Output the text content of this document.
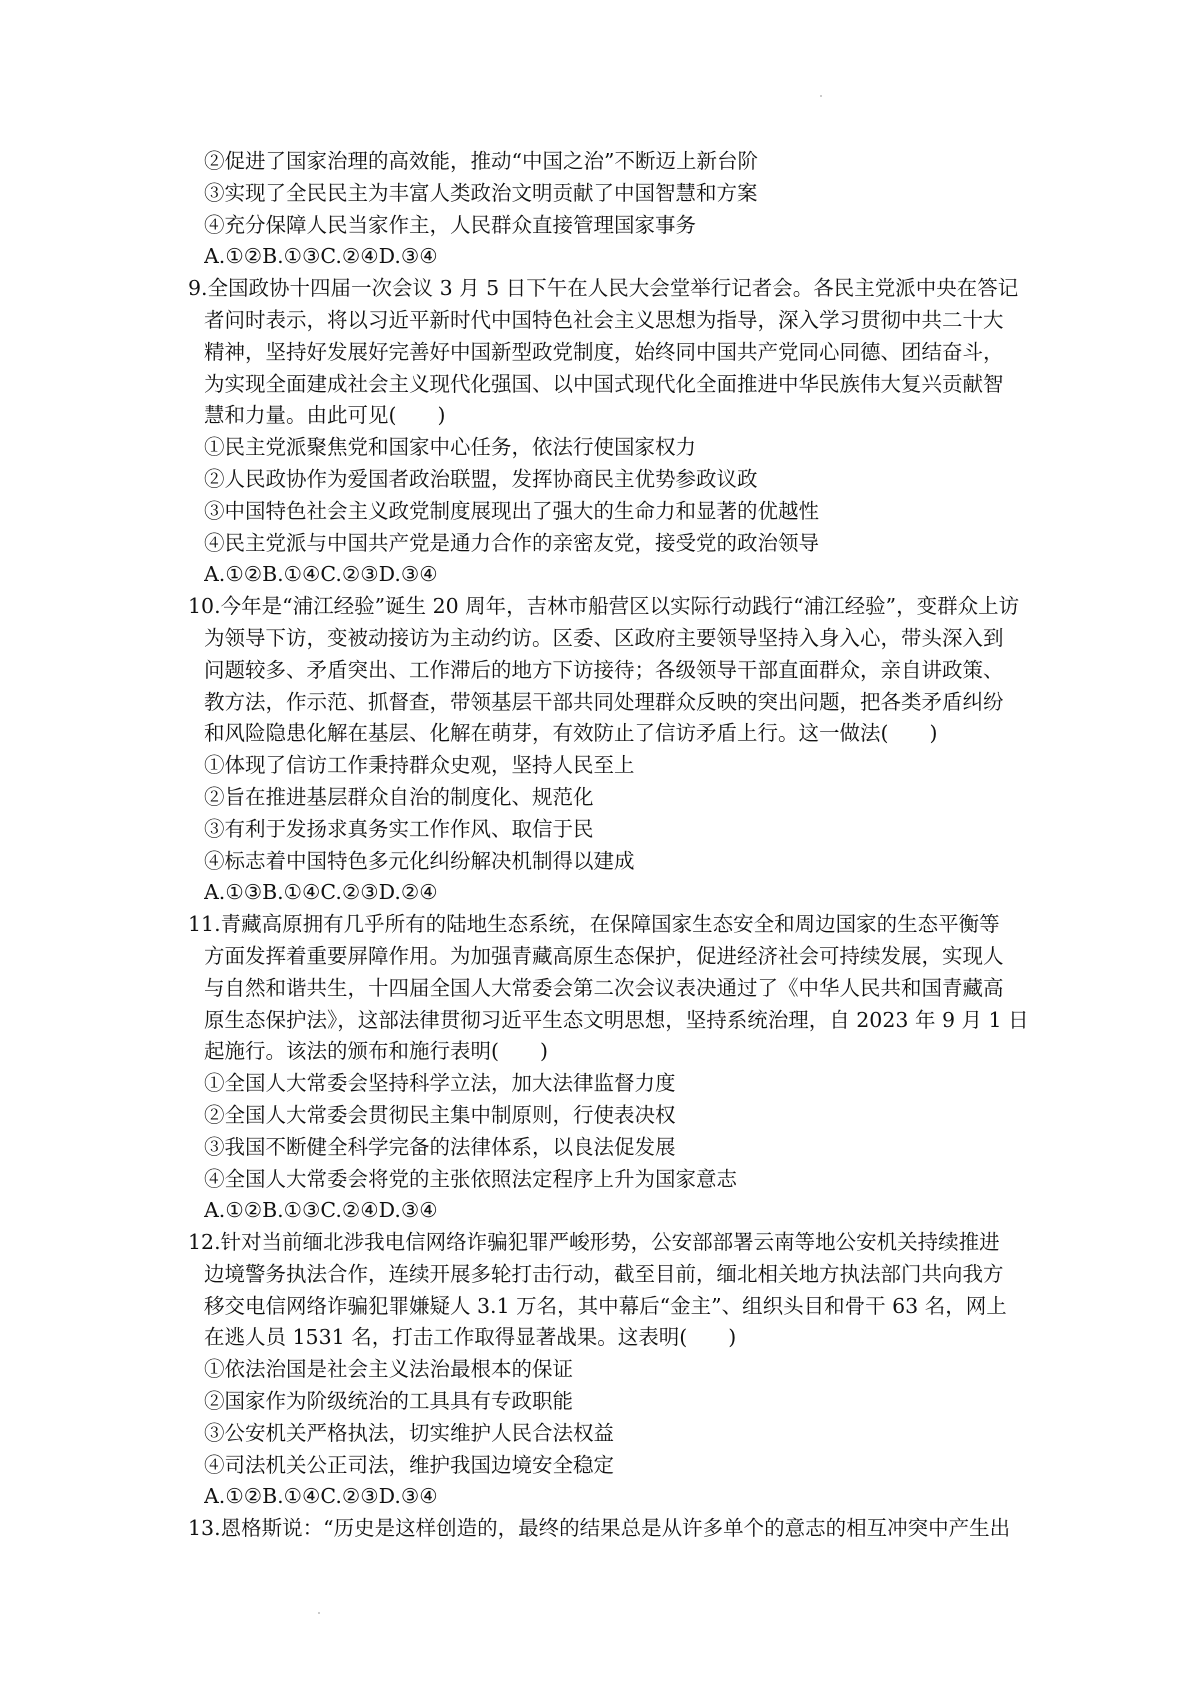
②促进了国家治理的高效能，推动“中国之治”不断迈上新台阶
③实现了全民民主为丰富人类政治文明贡献了中国智慧和方案
④充分保障人民当家作主，人民群众直接管理国家事务
A.①②B.①③C.②④D.③④
9.全国政协十四届一次会议 3 月 5 日下午在人民大会堂举行记者会。各民主党派中央在答记
者问时表示，将以习近平新时代中国特色社会主义思想为指导，深入学习贯彻中共二十大
精神，坚持好发展好完善好中国新型政党制度，始终同中国共产党同心同德、团结奋斗，
为实现全面建成社会主义现代化强国、以中国式现代化全面推进中华民族伟大复兴贡献智
慧和力量。由此可见(　　)
①民主党派聚焦党和国家中心任务，依法行使国家权力
②人民政协作为爱国者政治联盟，发挥协商民主优势参政议政
③中国特色社会主义政党制度展现出了强大的生命力和显著的优越性
④民主党派与中国共产党是通力合作的亲密友党，接受党的政治领导
A.①②B.①④C.②③D.③④
10.今年是“浦江经验”诞生 20 周年，吉林市船营区以实际行动践行“浦江经验”，变群众上访
为领导下访，变被动接访为主动约访。区委、区政府主要领导坚持入身入心，带头深入到
问题较多、矛盾突出、工作滞后的地方下访接待；各级领导干部直面群众，亲自讲政策、
教方法，作示范、抓督查，带领基层干部共同处理群众反映的突出问题，把各类矛盾纠纷
和风险隐患化解在基层、化解在萌芽，有效防止了信访矛盾上行。这一做法(　　)
①体现了信访工作秉持群众史观，坚持人民至上
②旨在推进基层群众自治的制度化、规范化
③有利于发扬求真务实工作作风、取信于民
④标志着中国特色多元化纠纷解决机制得以建成
A.①③B.①④C.②③D.②④
11.青藏高原拥有几乎所有的陆地生态系统，在保障国家生态安全和周边国家的生态平衡等
方面发挥着重要屏障作用。为加强青藏高原生态保护，促进经济社会可持续发展，实现人
与自然和谐共生，十四届全国人大常委会第二次会议表决通过了《中华人民共和国青藏高
原生态保护法》，这部法律贯彻习近平生态文明思想，坚持系统治理，自 2023 年 9 月 1 日
起施行。该法的颁布和施行表明(　　)
①全国人大常委会坚持科学立法，加大法律监督力度
②全国人大常委会贯彻民主集中制原则，行使表决权
③我国不断健全科学完备的法律体系，以良法促发展
④全国人大常委会将党的主张依照法定程序上升为国家意志
A.①②B.①③C.②④D.③④
12.针对当前缅北涉我电信网络诈骗犯罪严峻形势，公安部部署云南等地公安机关持续推进
边境警务执法合作，连续开展多轮打击行动，截至目前，缅北相关地方执法部门共向我方
移交电信网络诈骗犯罪嫌疑人 3.1 万名，其中幕后“金主”、组织头目和骨干 63 名，网上
在逃人员 1531 名，打击工作取得显著战果。这表明(　　)
①依法治国是社会主义法治最根本的保证
②国家作为阶级统治的工具具有专政职能
③公安机关严格执法，切实维护人民合法权益
④司法机关公正司法，维护我国边境安全稳定
A.①②B.①④C.②③D.③④
13.恩格斯说：“历史是这样创造的，最终的结果总是从许多单个的意志的相互冲突中产生出
